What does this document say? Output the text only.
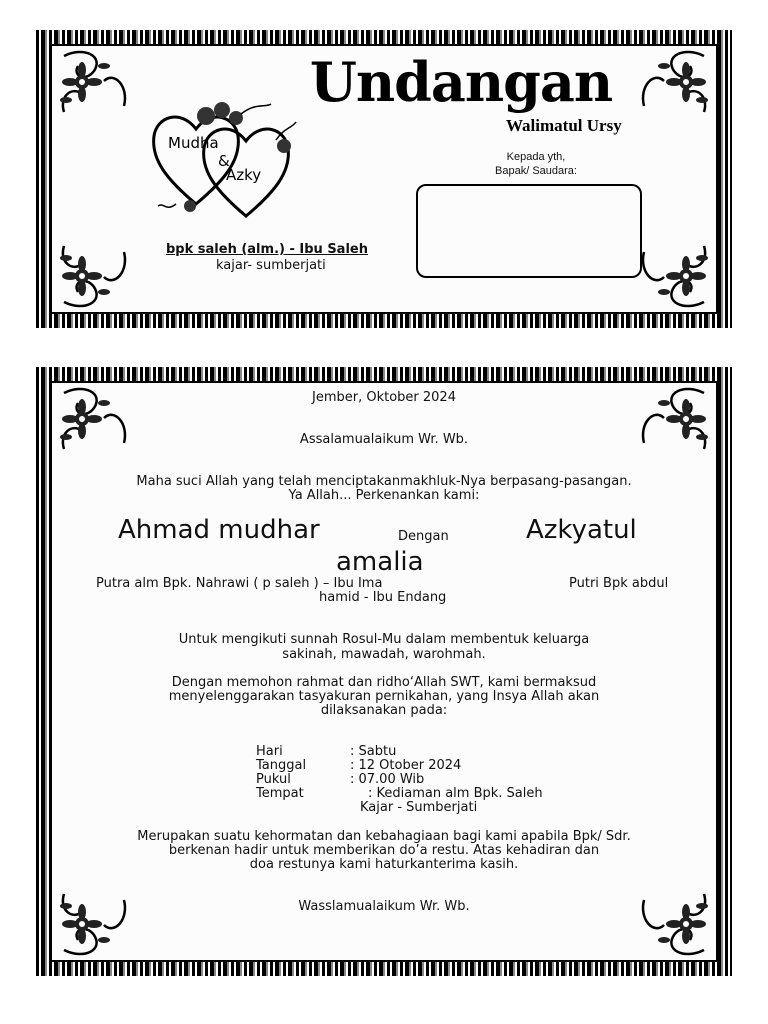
Undangan
Walimatul Ursy
Mudha
&
Azky
bpk saleh (alm.) - Ibu Saleh
kajar- sumberjati
Kepada yth,
Bapak/ Saudara:
Jember, Oktober 2024
Assalamualaikum Wr. Wb.
Maha suci Allah yang telah menciptakanmakhluk-Nya berpasang-pasangan.
Ya Allah... Perkenankan kami:
Ahmad mudhar	Dengan	Azkyatul
amalia
Putra alm Bpk. Nahrawi ( p saleh ) – Ibu Ima	Putri Bpk abdul
hamid - Ibu Endang
Untuk mengikuti sunnah Rosul-Mu dalam membentuk keluarga
sakinah, mawadah, warohmah.
Dengan memohon rahmat dan ridho‘Allah SWT, kami bermaksud
menyelenggarakan tasyakuran pernikahan, yang Insya Allah akan
dilaksanakan pada:
Hari	: Sabtu
Tanggal	: 12 Otober 2024
Pukul	: 07.00 Wib
Tempat	: Kediaman alm Bpk. Saleh
Kajar - Sumberjati
Merupakan suatu kehormatan dan kebahagiaan bagi kami apabila Bpk/ Sdr.
berkenan hadir untuk memberikan do’a restu. Atas kehadiran dan
doa restunya kami haturkanterima kasih.
Wasslamualaikum Wr. Wb.
